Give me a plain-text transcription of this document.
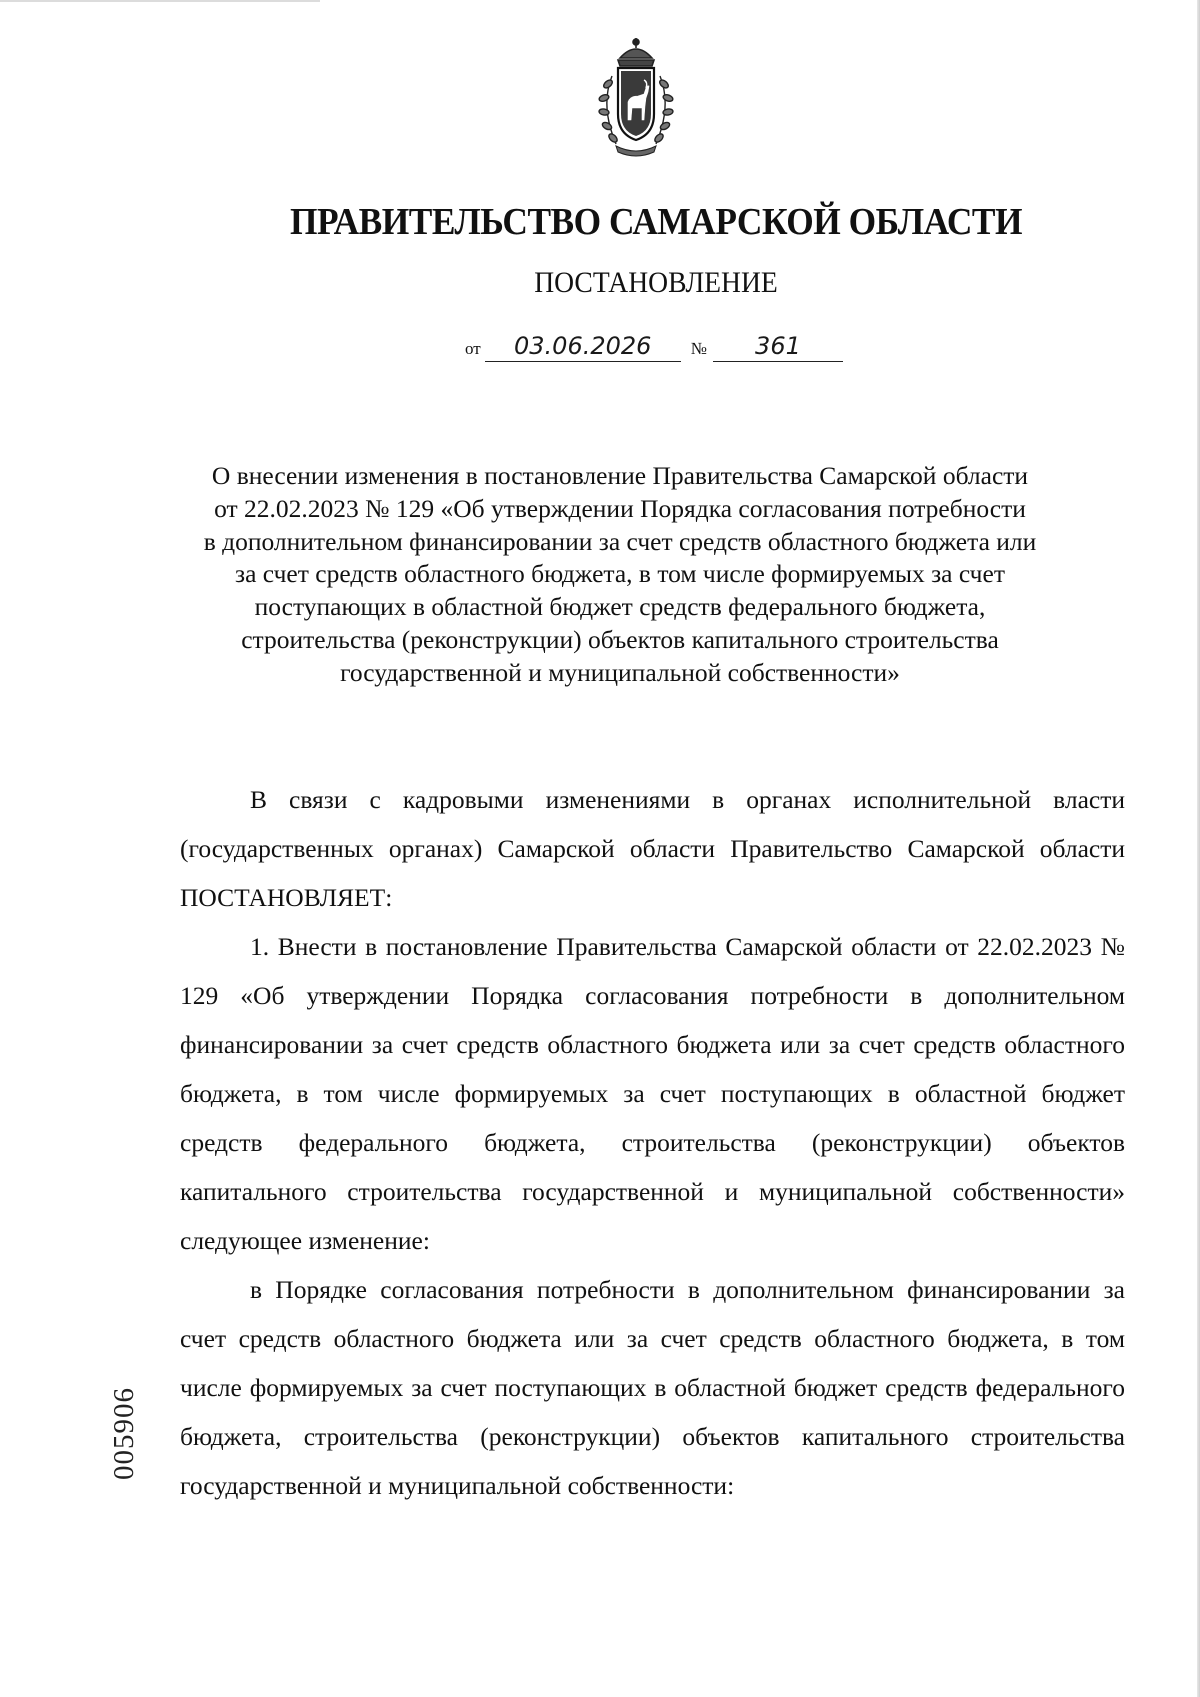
ПРАВИТЕЛЬСТВО САМАРСКОЙ ОБЛАСТИ
ПОСТАНОВЛЕНИЕ
от	03.06.2026	№	361
О внесении изменения в постановление Правительства Самарской области
от 22.02.2023 № 129 «Об утверждении Порядка согласования потребности
в дополнительном финансировании за счет средств областного бюджета или
за счет средств областного бюджета, в том числе формируемых за счет
поступающих в областной бюджет средств федерального бюджета,
строительства (реконструкции) объектов капитального строительства
государственной и муниципальной собственности»

В связи с кадровыми изменениями в органах исполнительной власти (государственных органах) Самарской области Правительство Самарской области ПОСТАНОВЛЯЕТ:

1. Внести в постановление Правительства Самарской области от 22.02.2023 № 129 «Об утверждении Порядка согласования потребности в дополнительном финансировании за счет средств областного бюджета или за счет средств областного бюджета, в том числе формируемых за счет поступающих в областной бюджет средств федерального бюджета, строительства (реконструкции) объектов капитального строительства государственной и муниципальной собственности» следующее изменение:

в Порядке согласования потребности в дополнительном финансировании за счет средств областного бюджета или за счет средств областного бюджета, в том числе формируемых за счет поступающих в областной бюджет средств федерального бюджета, строительства (реконструкции) объектов капитального строительства государственной и муниципальной собственности:

005906
